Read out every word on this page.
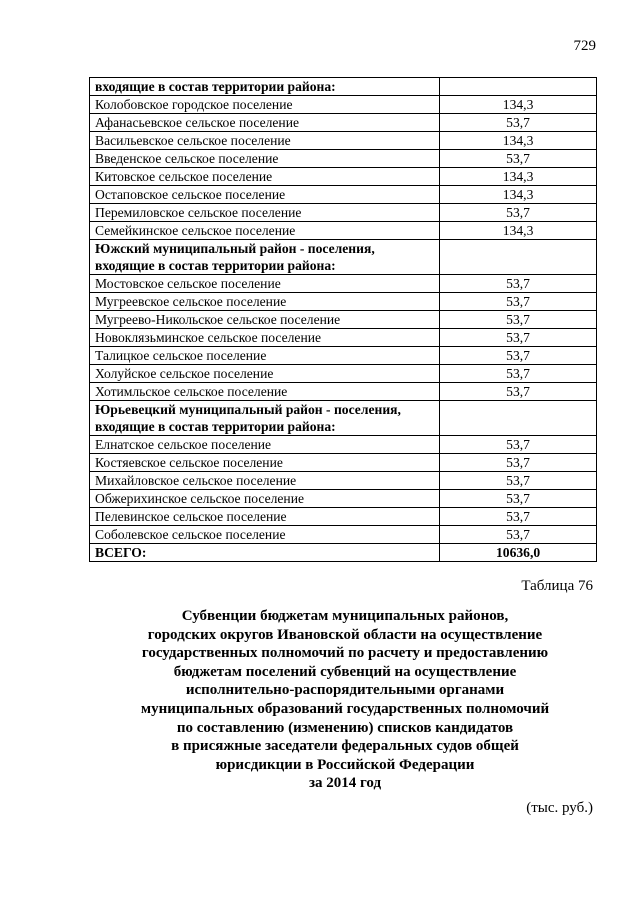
729
входящие в состав территории района:	

Колобовское городское поселение	134,3
Афанасьевское сельское поселение	53,7
Васильевское сельское поселение	134,3
Введенское сельское поселение	53,7
Китовское сельское поселение	134,3
Остаповское сельское поселение	134,3
Перемиловское сельское поселение	53,7
Семейкинское сельское поселение	134,3

Южский муниципальный район - поселения,
входящие в состав территории района:	

Мостовское сельское поселение	53,7
Мугреевское сельское поселение	53,7
Мугреево-Никольское сельское поселение	53,7
Новоклязьминское сельское поселение	53,7
Талицкое сельское поселение	53,7
Холуйское сельское поселение	53,7
Хотимльское сельское поселение	53,7

Юрьевецкий муниципальный район - поселения,
входящие в состав территории района:	

Елнатское сельское поселение	53,7
Костяевское сельское поселение	53,7
Михайловское сельское поселение	53,7
Обжерихинское сельское поселение	53,7
Пелевинское сельское поселение	53,7
Соболевское сельское поселение	53,7
ВСЕГО:	10636,0
Таблица 76
Субвенции бюджетам муниципальных районов,
городских округов Ивановской области на осуществление
государственных полномочий по расчету и предоставлению
бюджетам поселений субвенций на осуществление
исполнительно-распорядительными органами
муниципальных образований государственных полномочий
по составлению (изменению) списков кандидатов
в присяжные заседатели федеральных судов общей
юрисдикции в Российской Федерации
за 2014 год
(тыс. руб.)
